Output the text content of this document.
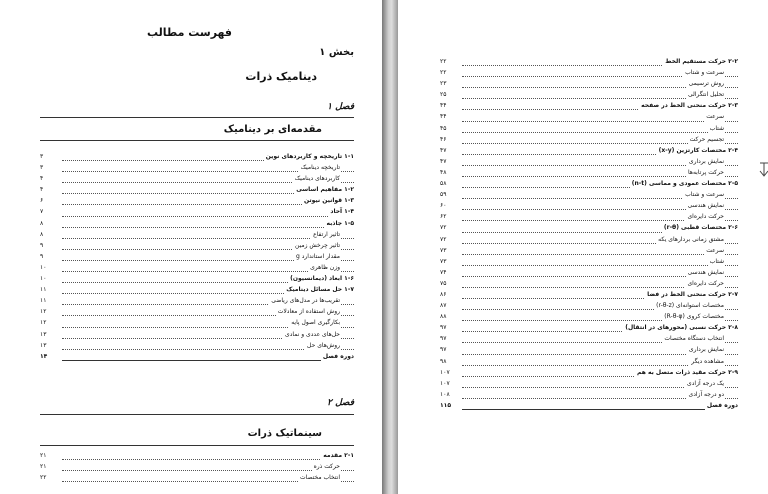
فهرست مطالب
بخش ۱
دینامیک ذرات
فصل ۱
مقدمه‌ای بر دینامیک
۱-۱ تاریخچه و کاربردهای نوین
۳
تاریخچه دینامیک
۳
کاربردهای دینامیک
۴
۱-۲ مفاهیم اساسی
۴
۱-۳ قوانین نیوتن
۶
۱-۴ آحاد
۷
۱-۵ جاذبه
۸
تاثیر ارتفاع
۸
تاثیر چرخش زمین
۹
مقدار استاندارد g
۹
وزن ظاهری
۱۰
۱-۶ ابعاد (دیمانسیون)
۱۰
۱-۷ حل مسائل دینامیک
۱۱
تقریب‌ها در مدل‌های ریاضی
۱۱
روش استفاده از معادلات
۱۲
بکارگیری اصول پایه
۱۲
حل‌های عددی و نمادی
۱۳
روش‌های حل
۱۳
دوره فصل
۱۴
فصل ۲
سینماتیک ذرات
۲-۱ مقدمه
۲۱
حرکت ذره
۲۱
انتخاب مختصات
۲۲
۲-۲ حرکت مستقیم الخط
۲۲
سرعت و شتاب
۲۲
روش ترسیمی
۲۳
تحلیل انتگرالی
۲۵
۲-۳ حرکت منحنی الخط در صفحه
۴۴
سرعت
۴۴
شتاب
۴۵
تجسیم حرکت
۴۶
۲-۴ مختصات کارتزین (x-y)
۴۷
نمایش برداری
۴۷
حرکت پرتابه‌ها
۴۸
۲-۵ مختصات عمودی و مماسی (n-t)
۵۸
سرعت و شتاب
۵۹
نمایش هندسی
۶۰
حرکت دایره‌ای
۶۲
۲-۶ مختصات قطبی (r-θ)
۷۲
مشتق زمانی بردارهای یکه
۷۲
سرعت
۷۳
شتاب
۷۳
نمایش هندسی
۷۴
حرکت دایره‌ای
۷۵
۲-۷ حرکت منحنی الخط در فضا
۸۶
مختصات استوانه‌ای (r-θ-z)
۸۷
مختصات کروی (R-θ-φ)
۸۸
۲-۸ حرکت نسبی (محورهای در انتقال)
۹۷
انتخاب دستگاه مختصات
۹۷
نمایش برداری
۹۷
مشاهده دیگر
۹۸
۲-۹ حرکت مقید ذرات متصل به هم
۱۰۷
یک درجه آزادی
۱۰۷
دو درجه آزادی
۱۰۸
دوره فصل
۱۱۵
